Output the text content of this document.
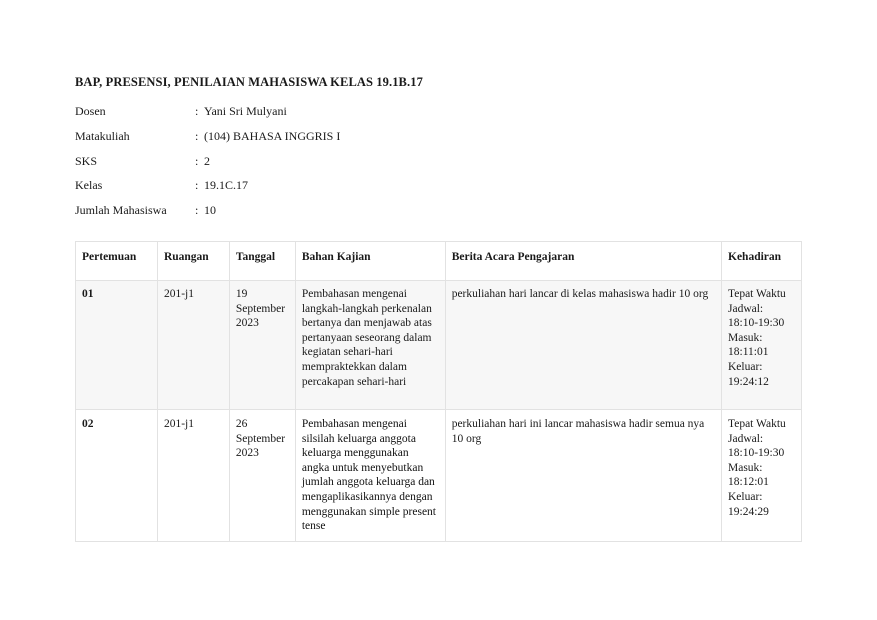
BAP, PRESENSI, PENILAIAN MAHASISWA KELAS 19.1B.17
Dosen	: Yani Sri Mulyani
Matakuliah	: (104) BAHASA INGGRIS I
SKS	: 2
Kelas	: 19.1C.17
Jumlah Mahasiswa : 10
Pertemuan	Ruangan	Tanggal	Bahan Kajian	Berita Acara Pengajaran	Kehadiran
01	201-j1	19 September 2023	Pembahasan mengenai langkah-langkah perkenalan bertanya dan menjawab atas pertanyaan seseorang dalam kegiatan sehari-hari mempraktekkan dalam percakapan sehari-hari	perkuliahan hari lancar di kelas mahasiswa hadir 10 org	Tepat Waktu
Jadwal: 18:10-19:30
Masuk: 18:11:01
Keluar: 19:24:12

02	201-j1	26 September 2023	Pembahasan mengenai silsilah keluarga anggota keluarga menggunakan angka untuk menyebutkan jumlah anggota keluarga dan mengaplikasikannya dengan menggunakan simple present tense	perkuliahan hari ini lancar mahasiswa hadir semua nya 10 org	Tepat Waktu
Jadwal: 18:10-19:30
Masuk: 18:12:01
Keluar: 19:24:29
